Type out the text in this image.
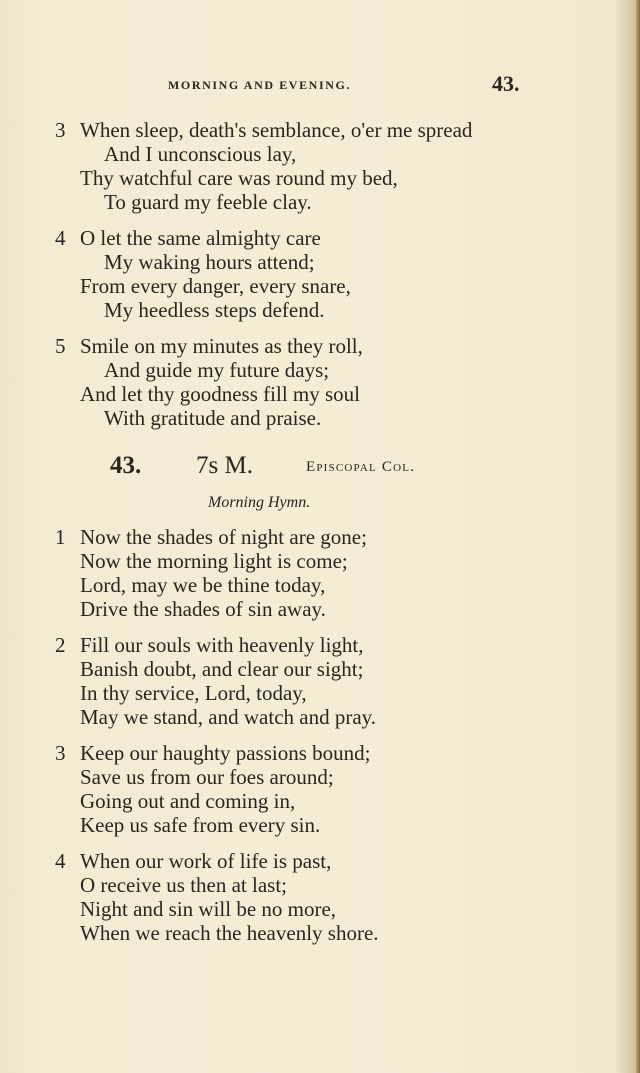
MORNING AND EVENING.	43.
3 When sleep, death's semblance, o'er me spread
And I unconscious lay,
Thy watchful care was round my bed,
To guard my feeble clay.
4 O let the same almighty care
My waking hours attend;
From every danger, every snare,
My heedless steps defend.
5 Smile on my minutes as they roll,
And guide my future days;
And let thy goodness fill my soul
With gratitude and praise.
43. 7s M.	Episcopal Col.
Morning Hymn.
1 Now the shades of night are gone;
Now the morning light is come;
Lord, may we be thine today,
Drive the shades of sin away.
2 Fill our souls with heavenly light,
Banish doubt, and clear our sight;
In thy service, Lord, today,
May we stand, and watch and pray.
3 Keep our haughty passions bound;
Save us from our foes around;
Going out and coming in,
Keep us safe from every sin.
4 When our work of life is past,
O receive us then at last;
Night and sin will be no more,
When we reach the heavenly shore.
